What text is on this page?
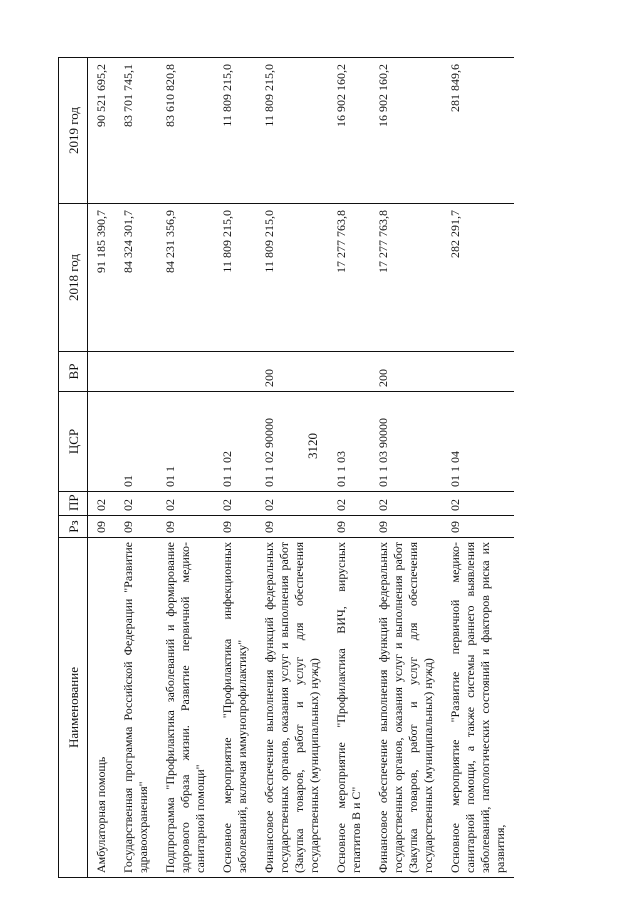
3120
Наименование	Рз	ПР	ЦСР	ВР	2018 год	2019 год
Амбулаторная помощь	09	02			91 185 390,7	90 521 695,2
Государственная программа Российской Федерации "Развитие здравоохранения"	09	02	01		84 324 301,7	83 701 745,1
Подпрограмма "Профилактика заболеваний и формирование здорового образа жизни. Развитие первичной медико-санитарной помощи"	09	02	01 1		84 231 356,9	83 610 820,8
Основное мероприятие "Профилактика инфекционных заболеваний, включая иммунопрофилактику"	09	02	01 1 02		11 809 215,0	11 809 215,0
Финансовое обеспечение выполнения функций федеральных государственных органов, оказания услуг и выполнения работ (Закупка товаров, работ и услуг для обеспечения государственных (муниципальных) нужд)	09	02	01 1 02 90000	200	11 809 215,0	11 809 215,0
Основное мероприятие "Профилактика ВИЧ, вирусных гепатитов B и C"	09	02	01 1 03		17 277 763,8	16 902 160,2
Финансовое обеспечение выполнения функций федеральных государственных органов, оказания услуг и выполнения работ (Закупка товаров, работ и услуг для обеспечения государственных (муниципальных) нужд)	09	02	01 1 03 90000	200	17 277 763,8	16 902 160,2
Основное мероприятие "Развитие первичной медико-санитарной помощи, а также системы раннего выявления заболеваний, патологических состояний и факторов риска их развития,	09	02	01 1 04		282 291,7	281 849,6
